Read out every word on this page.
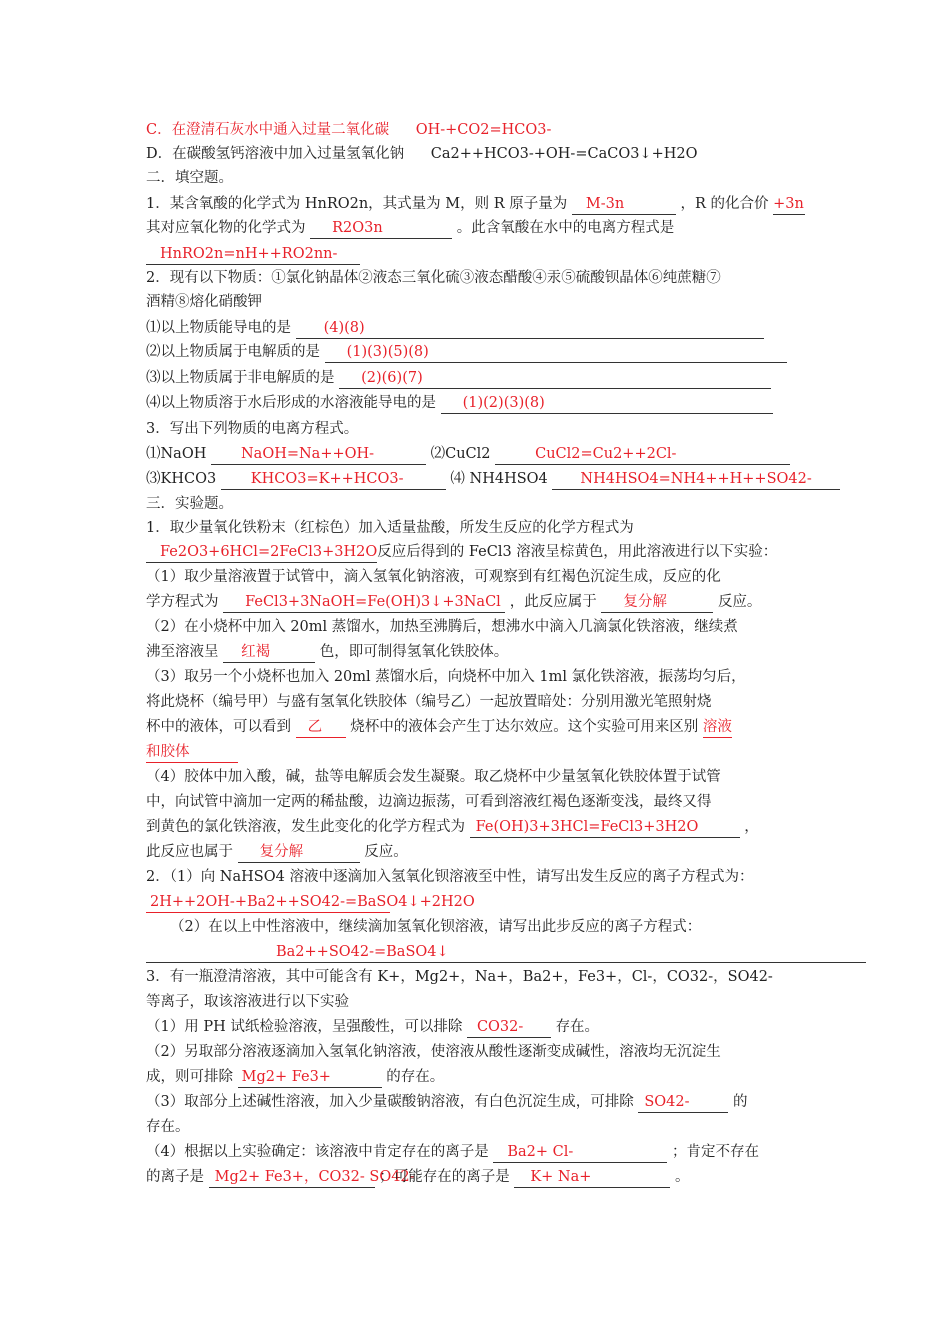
C．在澄清石灰水中通入过量二氧化碳 OH-+CO2=HCO3-
D．在碳酸氢钙溶液中加入过量氢氧化钠 Ca2++HCO3-+OH-=CaCO3↓+H2O
二．填空题。
1．某含氧酸的化学式为 HnRO2n，其式量为 M，则 R 原子量为 M-3n	，R 的化合价 +3n
其对应氧化物的化学式为 R2O3n	。此含氧酸在水中的电离方程式是
HnRO2n=nH++RO2nn-
2．现有以下物质：①氯化钠晶体②液态三氧化硫③液态醋酸④汞⑤硫酸钡晶体⑥纯蔗糖⑦
酒精⑧熔化硝酸钾
⑴以上物质能导电的是 (4)(8)
⑵以上物质属于电解质的是 (1)(3)(5)(8)
⑶以上物质属于非电解质的是 (2)(6)(7)
⑷以上物质溶于水后形成的水溶液能导电的是 (1)(2)(3)(8)
3．写出下列物质的电离方程式。
⑴NaOH NaOH=Na++OH-	⑵CuCl2	CuCl2=Cu2++2Cl-
⑶KHCO3 KHCO3=K++HCO3-	⑷ NH4HSO4 NH4HSO4=NH4++H++SO42-
三．实验题。
1．取少量氧化铁粉末（红棕色）加入适量盐酸，所发生反应的化学方程式为
Fe2O3+6HCl=2FeCl3+3H2O反应后得到的 FeCl3 溶液呈棕黄色，用此溶液进行以下实验：
（1）取少量溶液置于试管中，滴入氢氧化钠溶液，可观察到有红褐色沉淀生成，反应的化
学方程式为 FeCl3+3NaOH=Fe(OH)3↓+3NaCl ，此反应属于 复分解	反应。
（2）在小烧杯中加入 20ml 蒸馏水，加热至沸腾后，想沸水中滴入几滴氯化铁溶液，继续煮
沸至溶液呈 红褐	色，即可制得氢氧化铁胶体。
（3）取另一个小烧杯也加入 20ml 蒸馏水后，向烧杯中加入 1ml 氯化铁溶液，振荡均匀后，
将此烧杯（编号甲）与盛有氢氧化铁胶体（编号乙）一起放置暗处：分别用激光笔照射烧
杯中的液体，可以看到 乙 烧杯中的液体会产生丁达尔效应。这个实验可用来区别 溶液
和胶体
（4）胶体中加入酸，碱，盐等电解质会发生凝聚。取乙烧杯中少量氢氧化铁胶体置于试管
中，向试管中滴加一定两的稀盐酸，边滴边振荡，可看到溶液红褐色逐渐变浅，最终又得
到黄色的氯化铁溶液，发生此变化的化学方程式为 Fe(OH)3+3HCl=FeCl3+3H2O	，
此反应也属于 复分解	反应。
2．（1）向 NaHSO4 溶液中逐滴加入氢氧化钡溶液至中性，请写出发生反应的离子方程式为：
2H++2OH-+Ba2++SO42-=BaSO4↓+2H2O
（2）在以上中性溶液中，继续滴加氢氧化钡溶液，请写出此步反应的离子方程式：
Ba2++SO42-=BaSO4↓
3．有一瓶澄清溶液，其中可能含有 K+，Mg2+，Na+，Ba2+，Fe3+，Cl-，CO32-，SO42-
等离子，取该溶液进行以下实验
（1）用 PH 试纸检验溶液，呈强酸性，可以排除 CO32- 存在。
（2）另取部分溶液逐滴加入氢氧化钠溶液，使溶液从酸性逐渐变成碱性，溶液均无沉淀生
成，则可排除 Mg2+ Fe3+	的存在。
（3）取部分上述碱性溶液，加入少量碳酸钠溶液，有白色沉淀生成，可排除 SO42-	的
存在。
（4）根据以上实验确定：该溶液中肯定存在的离子是 Ba2+ Cl-	；肯定不存在
的离子是 Mg2+ Fe3+，CO32- SO42- ；可能存在的离子是 K+ Na+	。
